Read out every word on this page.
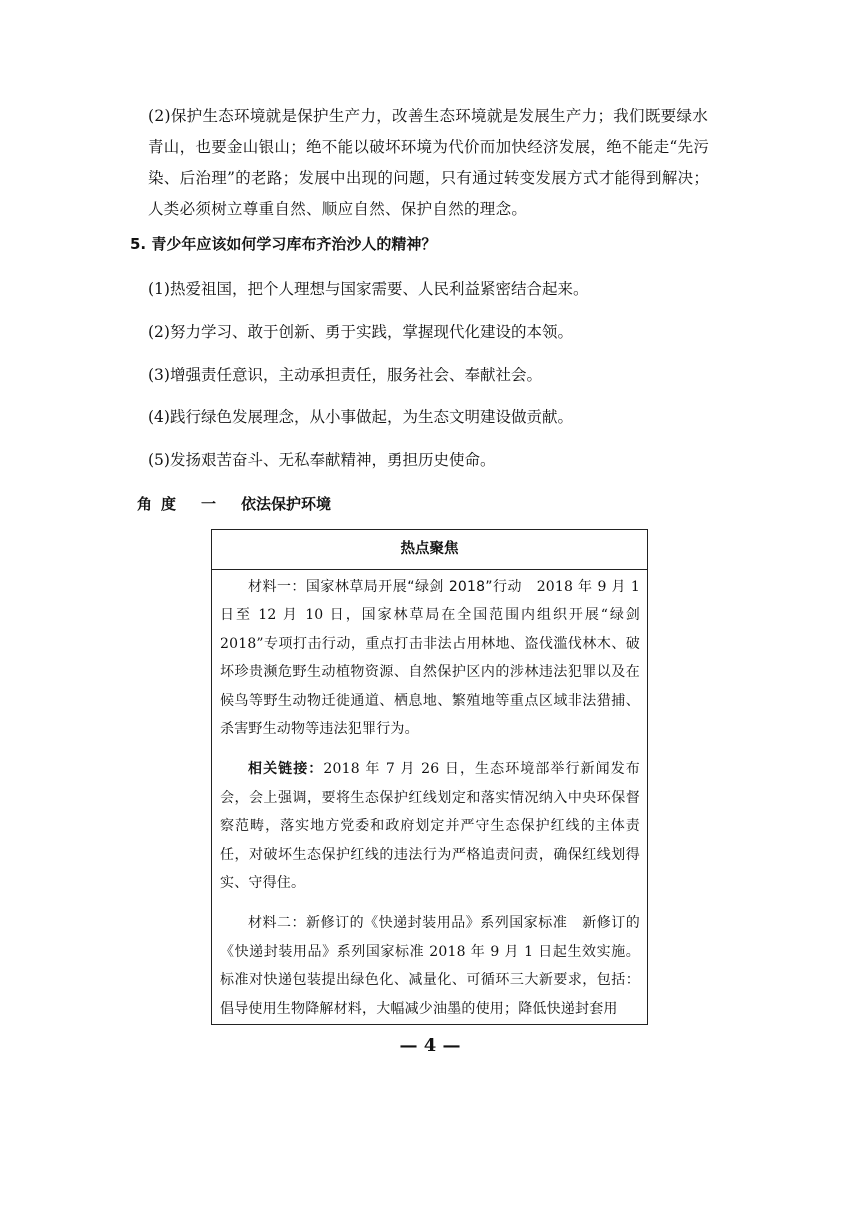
(2)保护生态环境就是保护生产力，改善生态环境就是发展生产力；我们既要绿水青山，也要金山银山；绝不能以破坏环境为代价而加快经济发展，绝不能走“先污染、后治理”的老路；发展中出现的问题，只有通过转变发展方式才能得到解决；人类必须树立尊重自然、顺应自然、保护自然的理念。

5. 青少年应该如何学习库布齐治沙人的精神？
(1)热爱祖国，把个人理想与国家需要、人民利益紧密结合起来。
(2)努力学习、敢于创新、勇于实践，掌握现代化建设的本领。
(3)增强责任意识，主动承担责任，服务社会、奉献社会。
(4)践行绿色发展理念，从小事做起，为生态文明建设做贡献。
(5)发扬艰苦奋斗、无私奉献精神，勇担历史使命。
角 度 一 依法保护环境
热点聚焦

材料一：国家林草局开展“绿剑 2018”行动 2018 年 9 月 1 日至 12 月 10 日，国家林草局在全国范围内组织开展“绿剑 2018”专项打击行动，重点打击非法占用林地、盗伐滥伐林木、破坏珍贵濒危野生动植物资源、自然保护区内的涉林违法犯罪以及在候鸟等野生动物迁徙通道、栖息地、繁殖地等重点区域非法猎捕、杀害野生动物等违法犯罪行为。

相关链接：2018 年 7 月 26 日，生态环境部举行新闻发布会，会上强调，要将生态保护红线划定和落实情况纳入中央环保督察范畴，落实地方党委和政府划定并严守生态保护红线的主体责任，对破坏生态保护红线的违法行为严格追责问责，确保红线划得实、守得住。

材料二：新修订的《快递封装用品》系列国家标准 新修订的《快递封装用品》系列国家标准 2018 年 9 月 1 日起生效实施。标准对快递包装提出绿色化、减量化、可循环三大新要求，包括：倡导使用生物降解材料，大幅减少油墨的使用；降低快递封套用

— 4 —
